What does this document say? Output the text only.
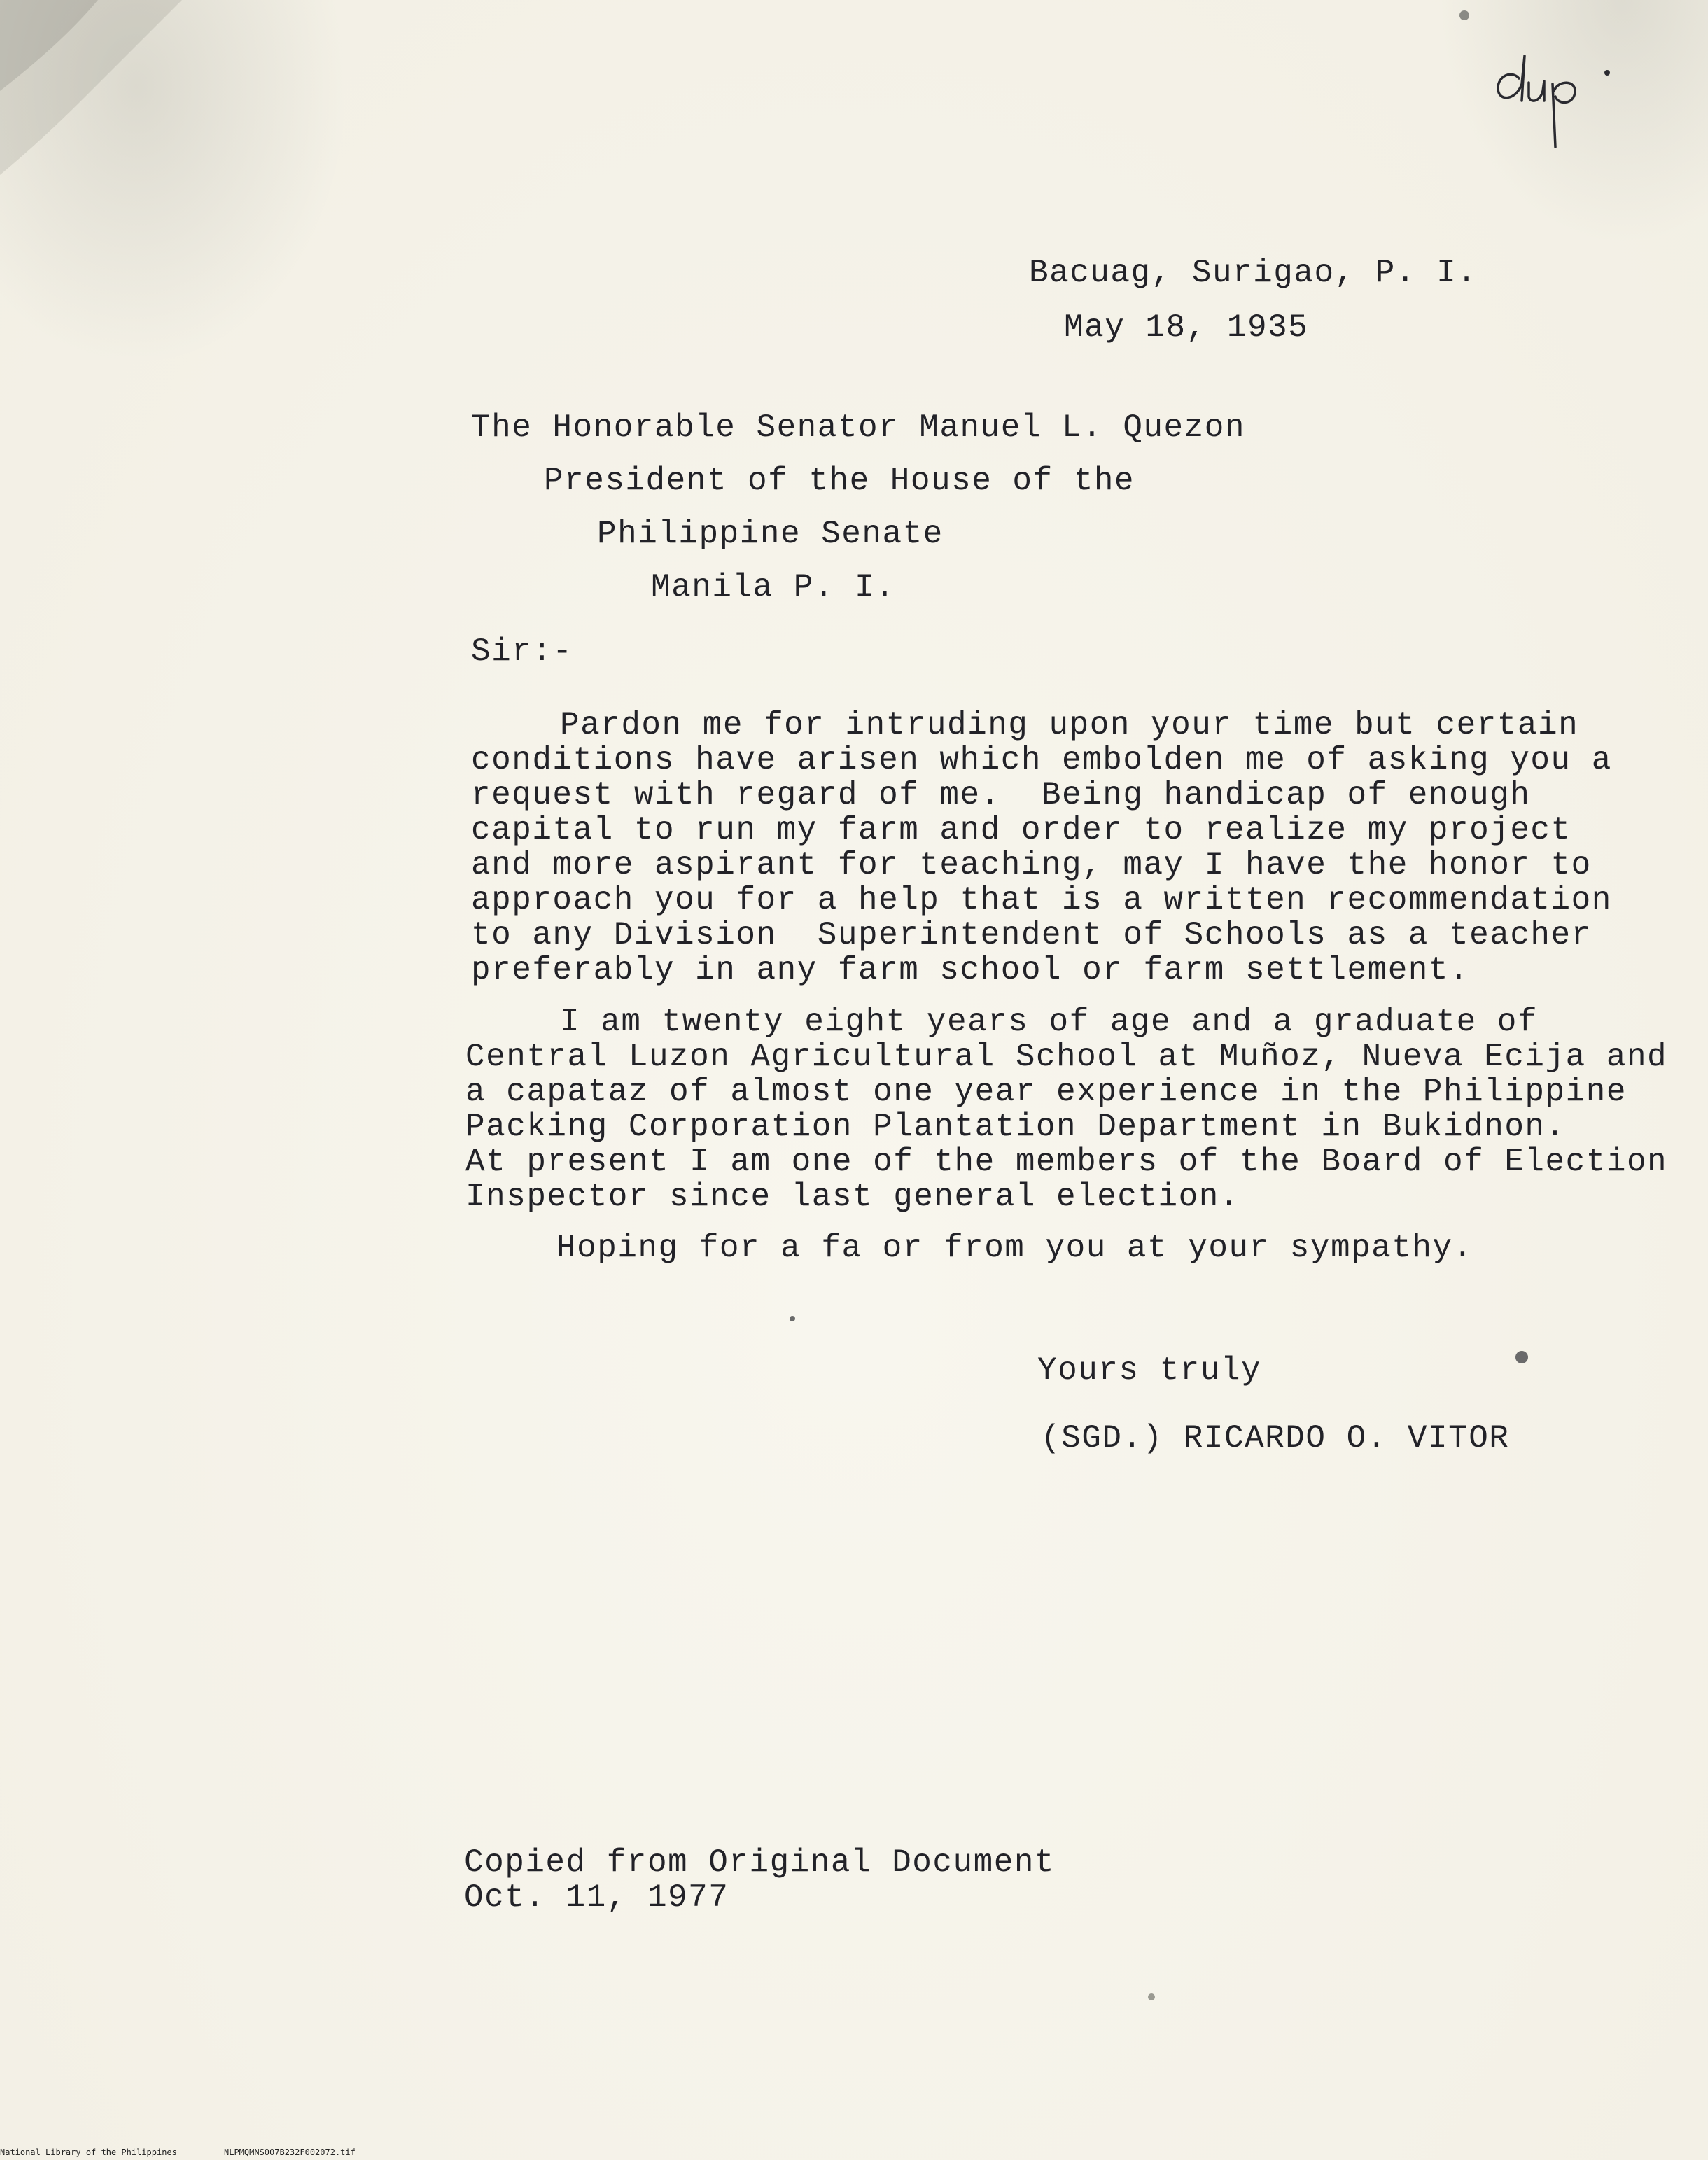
Bacuag, Surigao, P. I.

May 18, 1935

The Honorable Senator Manuel L. Quezon

President of the House of the

Philippine Senate

Manila P. I.

Sir:-

Pardon me for intruding upon your time but certain

conditions have arisen which embolden me of asking you a

request with regard of me.  Being handicap of enough

capital to run my farm and order to realize my project

and more aspirant for teaching, may I have the honor to

approach you for a help that is a written recommendation

to any Division  Superintendent of Schools as a teacher

preferably in any farm school or farm settlement.

I am twenty eight years of age and a graduate of

Central Luzon Agricultural School at Muñoz, Nueva Ecija and

a capataz of almost one year experience in the Philippine

Packing Corporation Plantation Department in Bukidnon.

At present I am one of the members of the Board of Election

Inspector since last general election.

Hoping for a fa or from you at your sympathy.

Yours truly

(SGD.) RICARDO O. VITOR

Copied from Original Document

Oct. 11, 1977

National Library of the Philippines	NLPMQMNS007B232F002072.tif
